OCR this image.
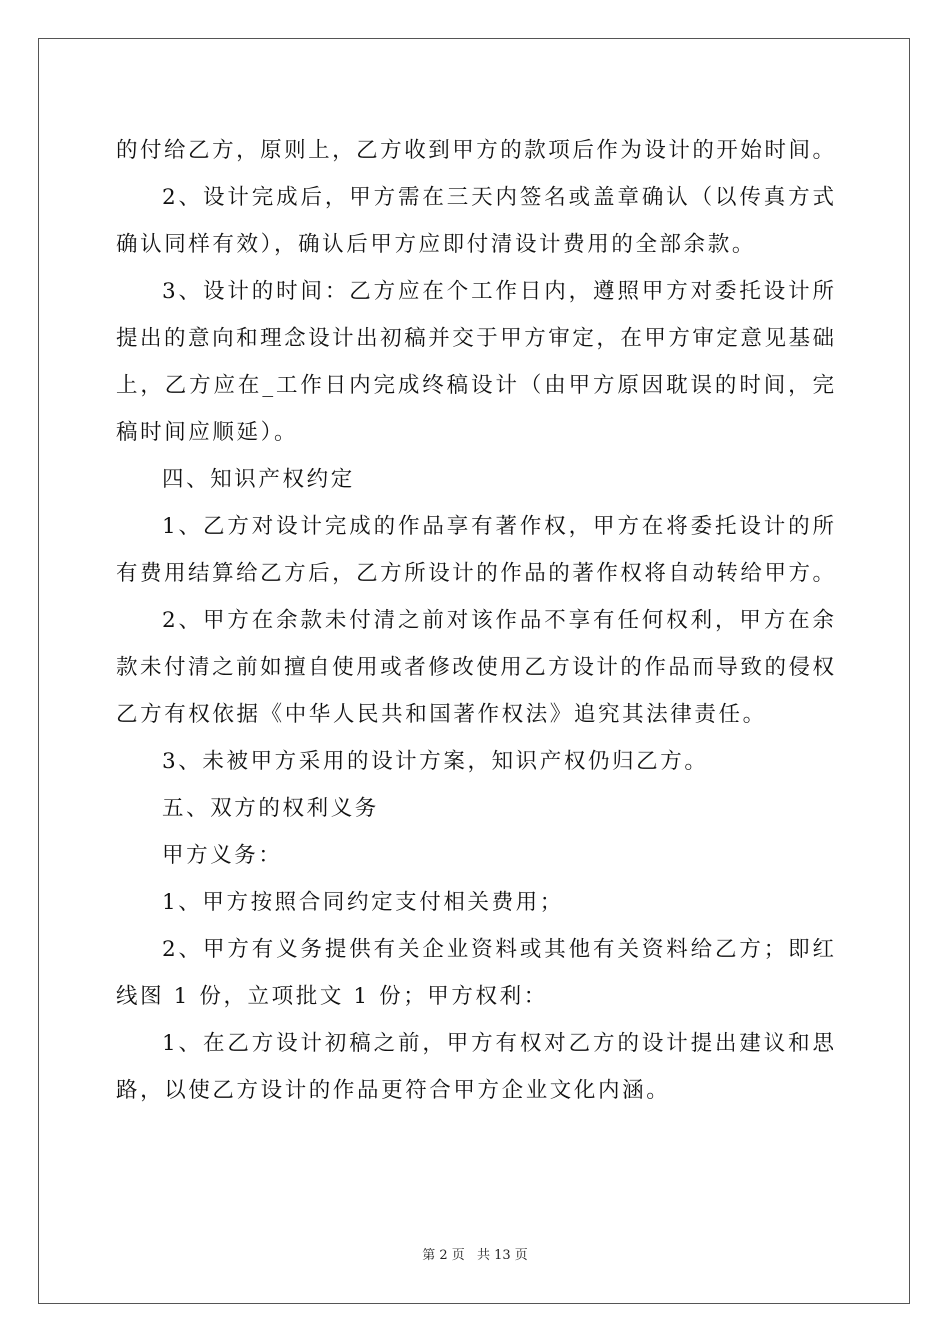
的付给乙方，原则上，乙方收到甲方的款项后作为设计的开始时间。
2、设计完成后，甲方需在三天内签名或盖章确认（以传真方式
确认同样有效），确认后甲方应即付清设计费用的全部余款。
3、设计的时间：乙方应在个工作日内，遵照甲方对委托设计所
提出的意向和理念设计出初稿并交于甲方审定，在甲方审定意见基础
上，乙方应在_工作日内完成终稿设计（由甲方原因耽误的时间，完
稿时间应顺延）。
四、知识产权约定
1、乙方对设计完成的作品享有著作权，甲方在将委托设计的所
有费用结算给乙方后，乙方所设计的作品的著作权将自动转给甲方。
2、甲方在余款未付清之前对该作品不享有任何权利，甲方在余
款未付清之前如擅自使用或者修改使用乙方设计的作品而导致的侵权
乙方有权依据《中华人民共和国著作权法》追究其法律责任。
3、未被甲方采用的设计方案，知识产权仍归乙方。
五、双方的权利义务
甲方义务：
1、甲方按照合同约定支付相关费用；
2、甲方有义务提供有关企业资料或其他有关资料给乙方；即红
线图 1 份，立项批文 1 份；甲方权利：
1、在乙方设计初稿之前，甲方有权对乙方的设计提出建议和思
路，以使乙方设计的作品更符合甲方企业文化内涵。
第 2 页 共 13 页
